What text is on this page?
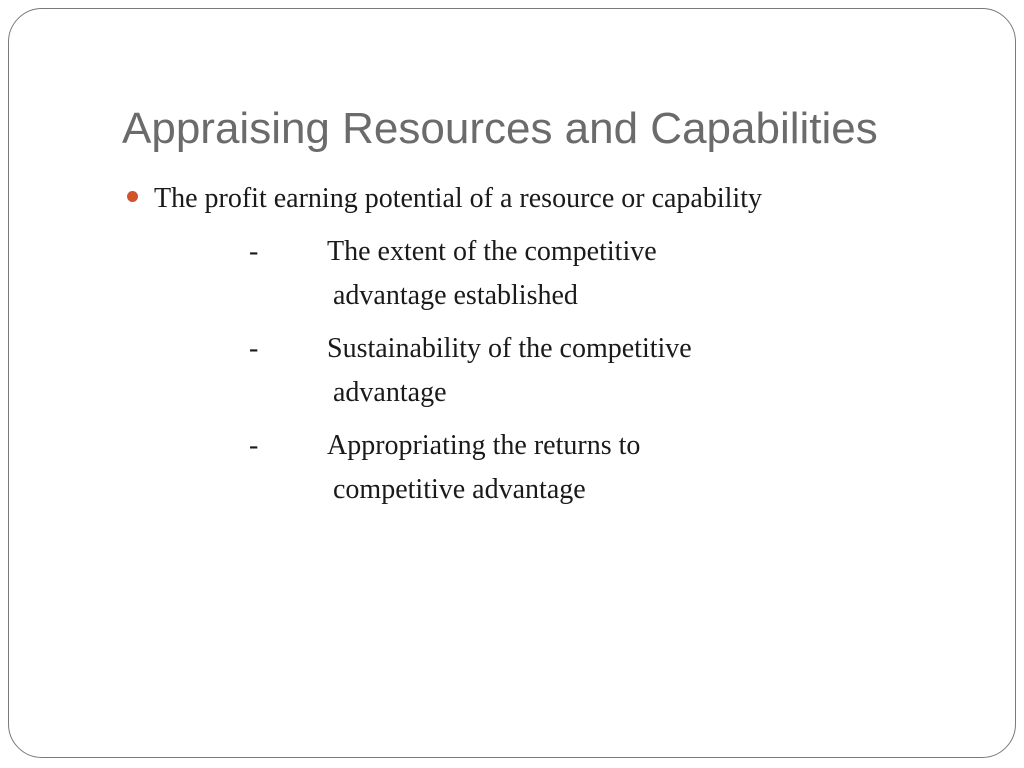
Appraising Resources and Capabilities
The profit earning potential of a resource or capability
- The extent of the competitive
advantage established
- Sustainability of the competitive
advantage
- Appropriating the returns to
competitive advantage
